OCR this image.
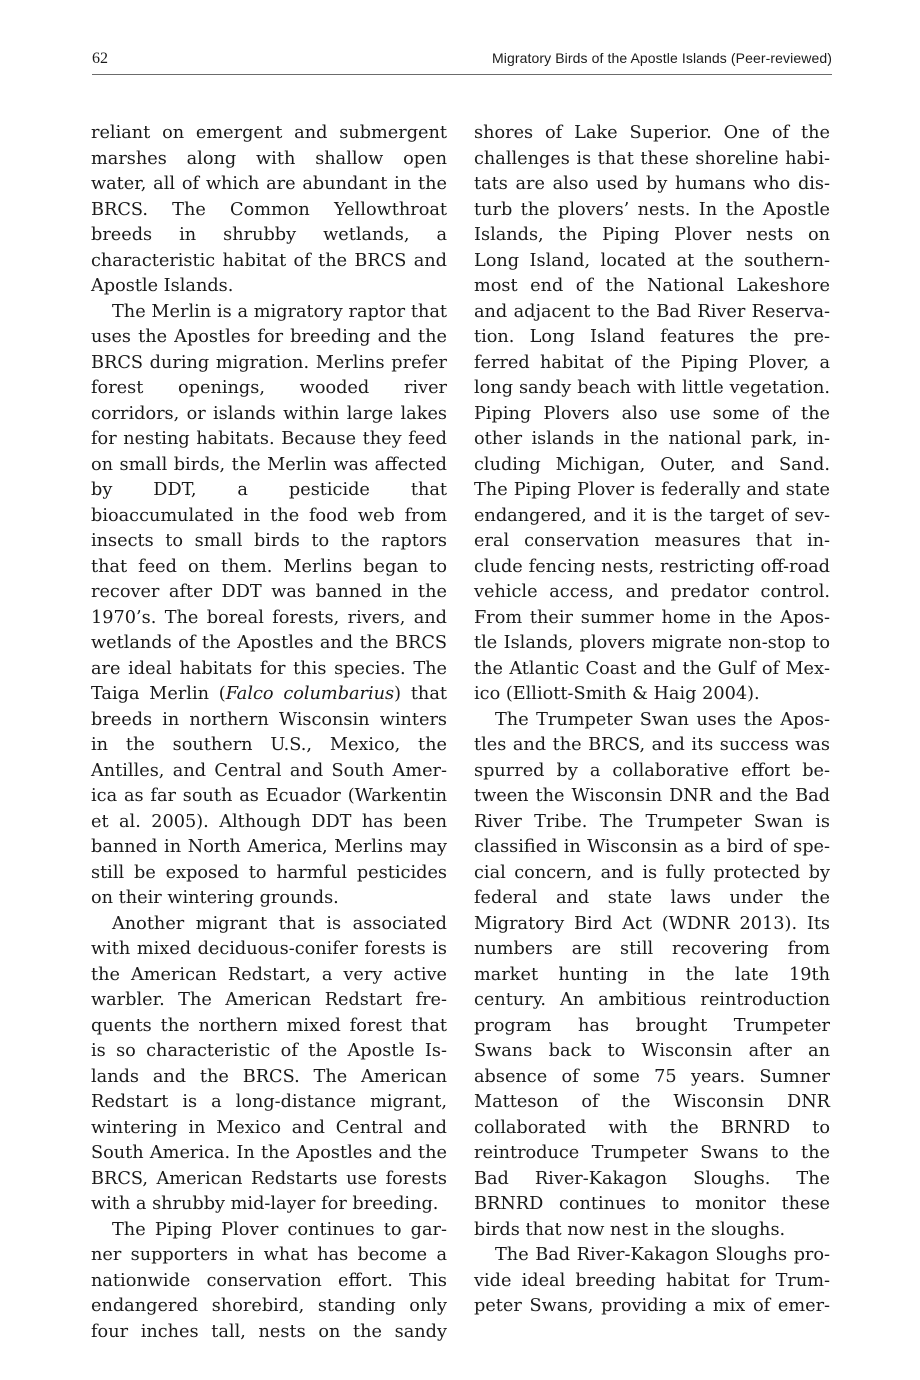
62	Migratory Birds of the Apostle Islands (Peer-reviewed)

reliant on emergent and submergent marshes along with shallow open water, all of which are abundant in the BRCS. The Common Yellowthroat breeds in shrubby wetlands, a characteristic habitat of the BRCS and Apostle Islands.

The Merlin is a migratory raptor that uses the Apostles for breeding and the BRCS during migration. Merlins prefer forest openings, wooded river corridors, or islands within large lakes for nesting habitats. Because they feed on small birds, the Merlin was affected by DDT, a pesticide that bioaccumulated in the food web from insects to small birds to the raptors that feed on them. Merlins began to recover after DDT was banned in the 1970’s. The boreal forests, rivers, and wetlands of the Apostles and the BRCS are ideal habitats for this species. The Taiga Merlin (Falco columbarius) that breeds in northern Wisconsin winters in the southern U.S., Mexico, the Antilles, and Central and South America as far south as Ecuador (Warkentin et al. 2005). Although DDT has been banned in North America, Merlins may still be exposed to harmful pesticides on their wintering grounds.

Another migrant that is associated with mixed deciduous-conifer forests is the American Redstart, a very active warbler. The American Redstart frequents the northern mixed forest that is so characteristic of the Apostle Islands and the BRCS. The American Redstart is a long-distance migrant, wintering in Mexico and Central and South America. In the Apostles and the BRCS, American Redstarts use forests with a shrubby mid-layer for breeding.

The Piping Plover continues to garner supporters in what has become a nationwide conservation effort. This endangered shorebird, standing only four inches tall, nests on the sandy

shores of Lake Superior. One of the challenges is that these shoreline habitats are also used by humans who disturb the plovers’ nests. In the Apostle Islands, the Piping Plover nests on Long Island, located at the southernmost end of the National Lakeshore and adjacent to the Bad River Reservation. Long Island features the preferred habitat of the Piping Plover, a long sandy beach with little vegetation. Piping Plovers also use some of the other islands in the national park, including Michigan, Outer, and Sand. The Piping Plover is federally and state endangered, and it is the target of several conservation measures that include fencing nests, restricting off-road vehicle access, and predator control. From their summer home in the Apostle Islands, plovers migrate non-stop to the Atlantic Coast and the Gulf of Mexico (Elliott-Smith & Haig 2004).

The Trumpeter Swan uses the Apostles and the BRCS, and its success was spurred by a collaborative effort between the Wisconsin DNR and the Bad River Tribe. The Trumpeter Swan is classified in Wisconsin as a bird of special concern, and is fully protected by federal and state laws under the Migratory Bird Act (WDNR 2013). Its numbers are still recovering from market hunting in the late 19th century. An ambitious reintroduction program has brought Trumpeter Swans back to Wisconsin after an absence of some 75 years. Sumner Matteson of the Wisconsin DNR collaborated with the BRNRD to reintroduce Trumpeter Swans to the Bad River-Kakagon Sloughs. The BRNRD continues to monitor these birds that now nest in the sloughs.

The Bad River-Kakagon Sloughs provide ideal breeding habitat for Trumpeter Swans, providing a mix of emer-
